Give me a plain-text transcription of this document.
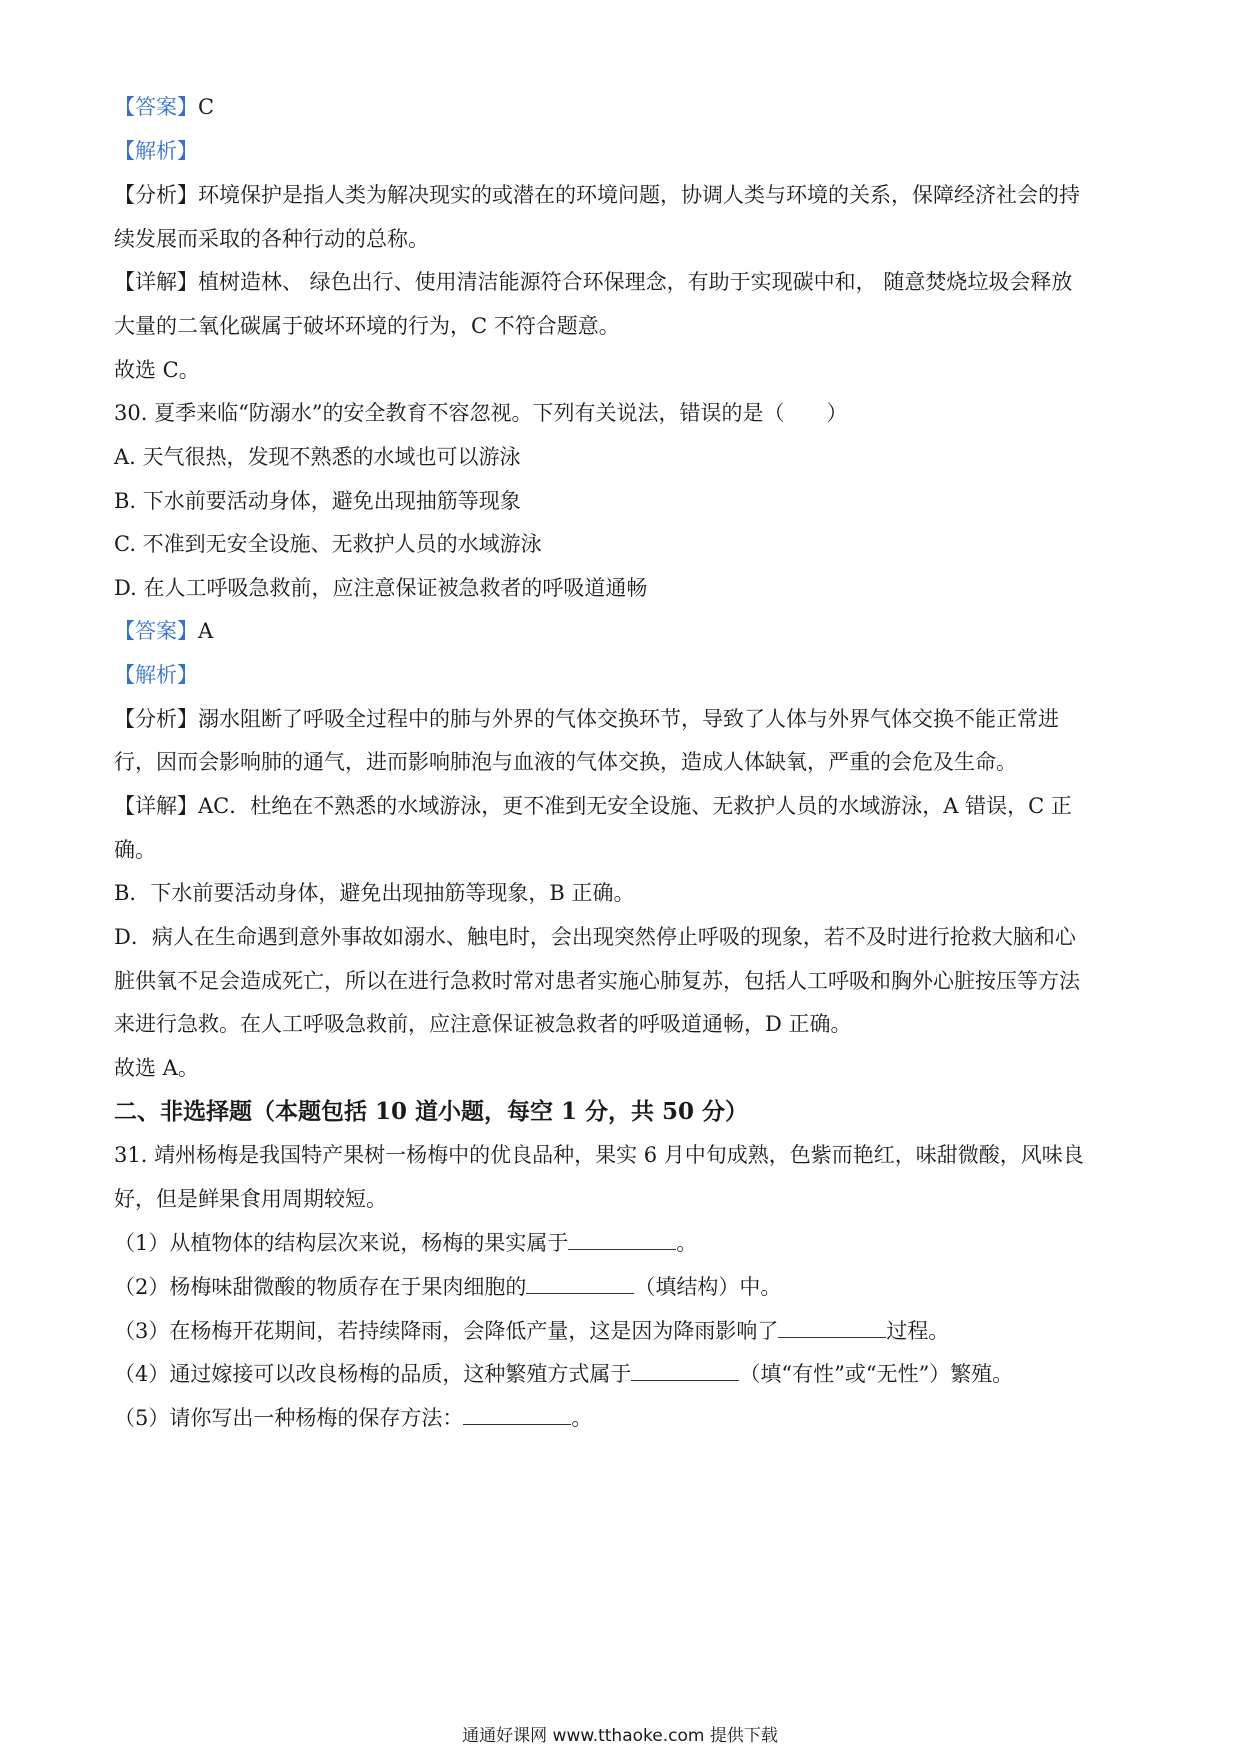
【答案】C
【解析】
【分析】环境保护是指人类为解决现实的或潜在的环境问题，协调人类与环境的关系，保障经济社会的持
续发展而采取的各种行动的总称。
【详解】植树造林、 绿色出行、使用清洁能源符合环保理念，有助于实现碳中和， 随意焚烧垃圾会释放
大量的二氧化碳属于破坏环境的行为，C 不符合题意。
故选 C。
30. 夏季来临“防溺水”的安全教育不容忽视。下列有关说法，错误的是（　　）
A. 天气很热，发现不熟悉的水域也可以游泳
B. 下水前要活动身体，避免出现抽筋等现象
C. 不准到无安全设施、无救护人员的水域游泳
D. 在人工呼吸急救前，应注意保证被急救者的呼吸道通畅
【答案】A
【解析】
【分析】溺水阻断了呼吸全过程中的肺与外界的气体交换环节，导致了人体与外界气体交换不能正常进
行，因而会影响肺的通气，进而影响肺泡与血液的气体交换，造成人体缺氧，严重的会危及生命。
【详解】AC．杜绝在不熟悉的水域游泳，更不准到无安全设施、无救护人员的水域游泳，A 错误，C 正
确。
B．下水前要活动身体，避免出现抽筋等现象，B 正确。
D．病人在生命遇到意外事故如溺水、触电时，会出现突然停止呼吸的现象，若不及时进行抢救大脑和心
脏供氧不足会造成死亡，所以在进行急救时常对患者实施心肺复苏，包括人工呼吸和胸外心脏按压等方法
来进行急救。在人工呼吸急救前，应注意保证被急救者的呼吸道通畅，D 正确。
故选 A。
二、非选择题（本题包括 10 道小题，每空 1 分，共 50 分）
31. 靖州杨梅是我国特产果树一杨梅中的优良品种，果实 6 月中旬成熟，色紫而艳红，味甜微酸，风味良
好，但是鲜果食用周期较短。
（1）从植物体的结构层次来说，杨梅的果实属于	。
（2）杨梅味甜微酸的物质存在于果肉细胞的	（填结构）中。
（3）在杨梅开花期间，若持续降雨，会降低产量，这是因为降雨影响了	过程。
（4）通过嫁接可以改良杨梅的品质，这种繁殖方式属于	（填“有性”或“无性”）繁殖。
（5）请你写出一种杨梅的保存方法：	。
通通好课网 www.tthaoke.com 提供下载
